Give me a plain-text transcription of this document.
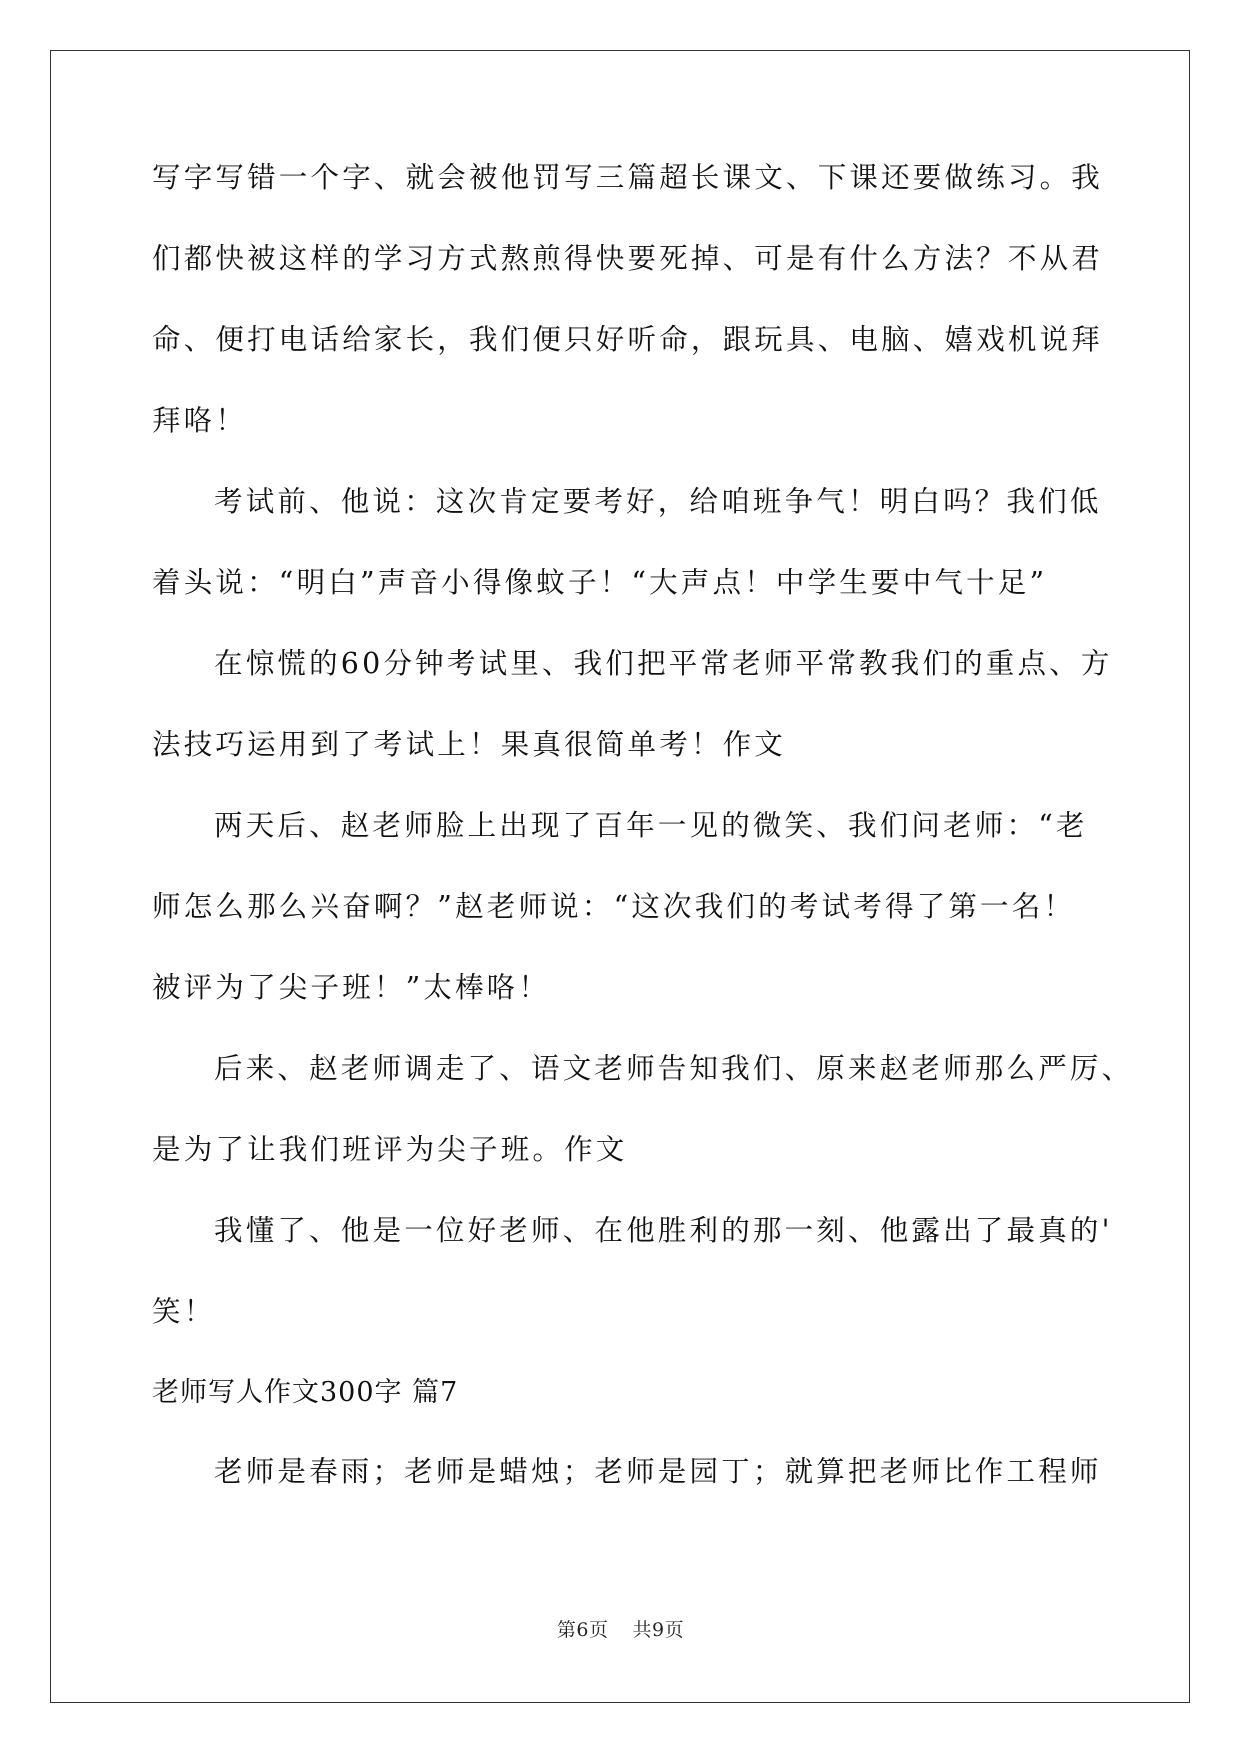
写字写错一个字、就会被他罚写三篇超长课文、下课还要做练习。我
们都快被这样的学习方式熬煎得快要死掉、可是有什么方法？不从君
命、便打电话给家长，我们便只好听命，跟玩具、电脑、嬉戏机说拜
拜咯！
考试前、他说：这次肯定要考好，给咱班争气！明白吗？我们低
着头说：“明白”声音小得像蚊子！“大声点！中学生要中气十足”
在惊慌的60分钟考试里、我们把平常老师平常教我们的重点、方
法技巧运用到了考试上！果真很简单考！作文
两天后、赵老师脸上出现了百年一见的微笑、我们问老师：“老
师怎么那么兴奋啊？”赵老师说：“这次我们的考试考得了第一名！
被评为了尖子班！”太棒咯！
后来、赵老师调走了、语文老师告知我们、原来赵老师那么严厉、
是为了让我们班评为尖子班。作文
我懂了、他是一位好老师、在他胜利的那一刻、他露出了最真的'
笑！
老师写人作文300字 篇7
老师是春雨；老师是蜡烛；老师是园丁；就算把老师比作工程师
第6页 共9页
